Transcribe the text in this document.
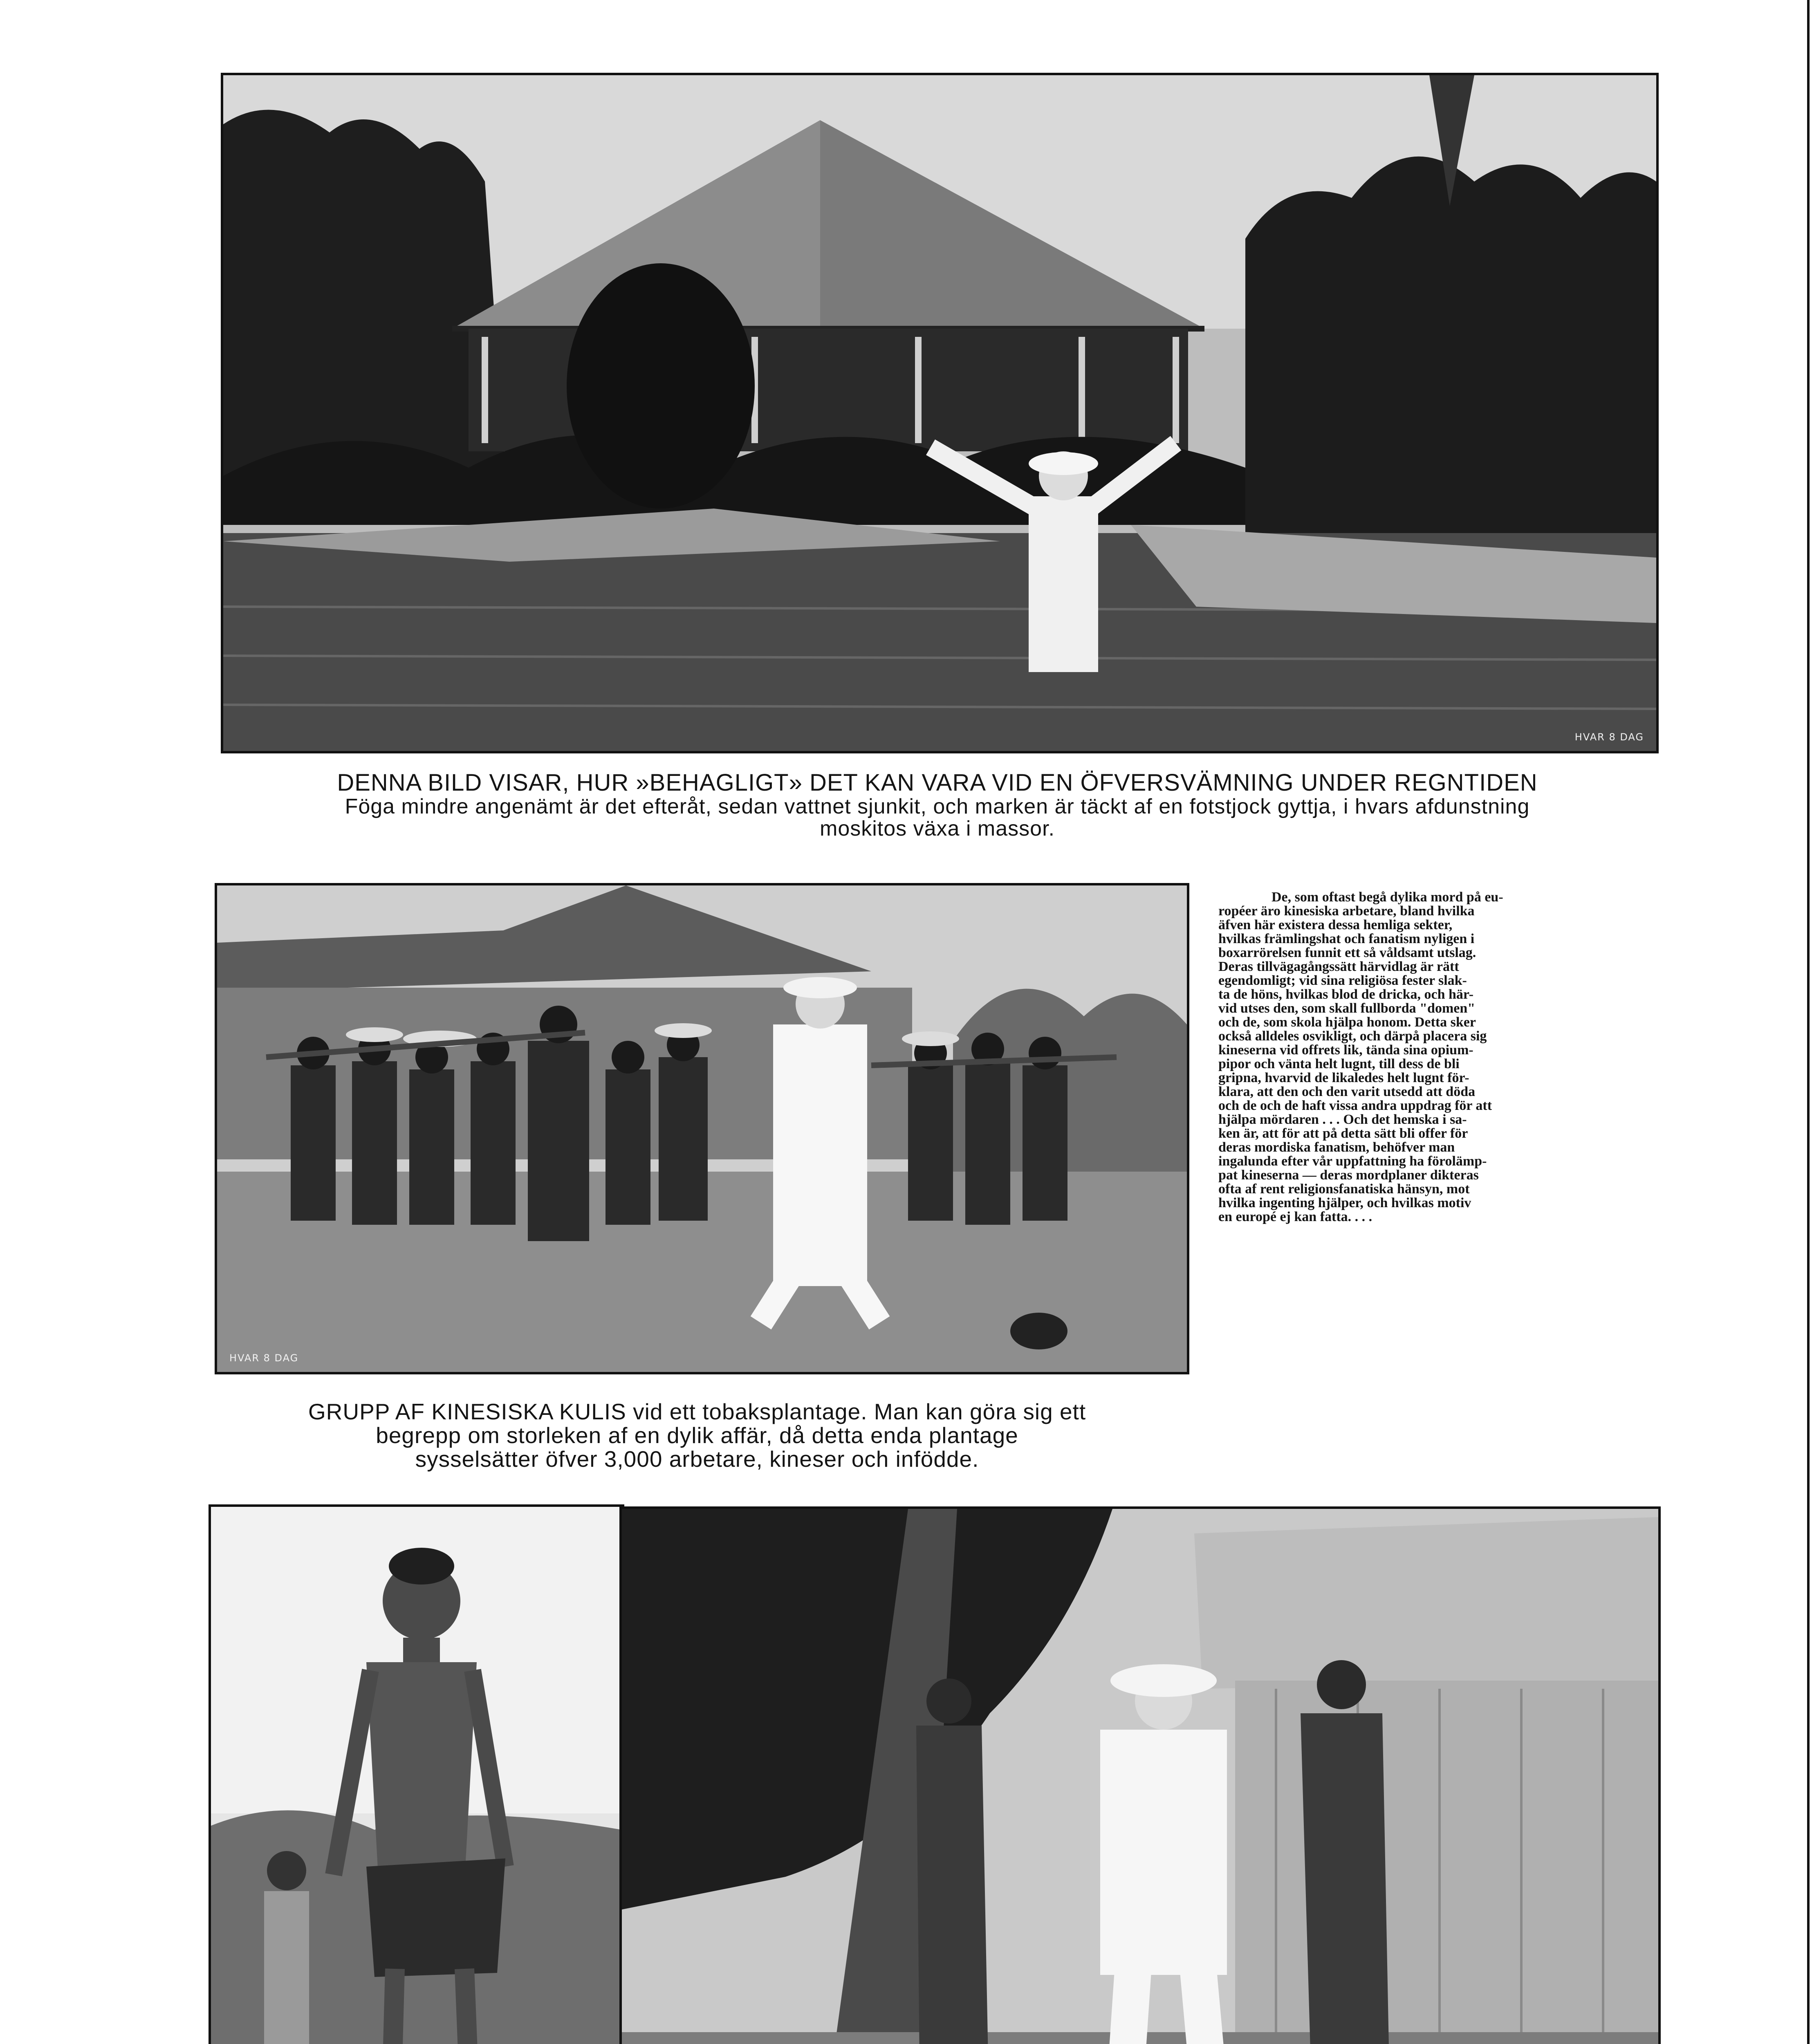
HVAR 8 DAG
DENNA BILD VISAR, HUR »BEHAGLIGT» DET KAN VARA VID EN ÖFVERSVÄMNING UNDER REGNTIDEN
Föga mindre angenämt är det efteråt, sedan vattnet sjunkit, och marken är täckt af en fotstjock gyttja, i hvars afdunstning
moskitos växa i massor.
HVAR 8 DAG
De, som oftast begå dylika mord på eu-
ropéer äro kinesiska arbetare, bland hvilka
äfven här existera dessa hemliga sekter,
hvilkas främlingshat och fanatism nyligen i
boxarrörelsen funnit ett så våldsamt utslag.
Deras tillvägagångssätt härvidlag är rätt
egendomligt; vid sina religiösa fester slak-
ta de höns, hvilkas blod de dricka, och här-
vid utses den, som skall fullborda "domen"
och de, som skola hjälpa honom. Detta sker
också alldeles osvikligt, och därpå placera sig
kineserna vid offrets lik, tända sina opium-
pipor och vänta helt lugnt, till dess de bli
gripna, hvarvid de likaledes helt lugnt för-
klara, att den och den varit utsedd att döda
och de och de haft vissa andra uppdrag för att
hjälpa mördaren . . . Och det hemska i sa-
ken är, att för att på detta sätt bli offer för
deras mordiska fanatism, behöfver man
ingalunda efter vår uppfattning ha förolämp-
pat kineserna — deras mordplaner dikteras
ofta af rent religionsfanatiska hänsyn, mot
hvilka ingenting hjälper, och hvilkas motiv
en europé ej kan fatta. . . .
GRUPP AF KINESISKA KULIS vid ett tobaksplantage. Man kan göra sig ett
begrepp om storleken af en dylik affär, då detta enda plantage
sysselsätter öfver 3,000 arbetare, kineser och infödde.
